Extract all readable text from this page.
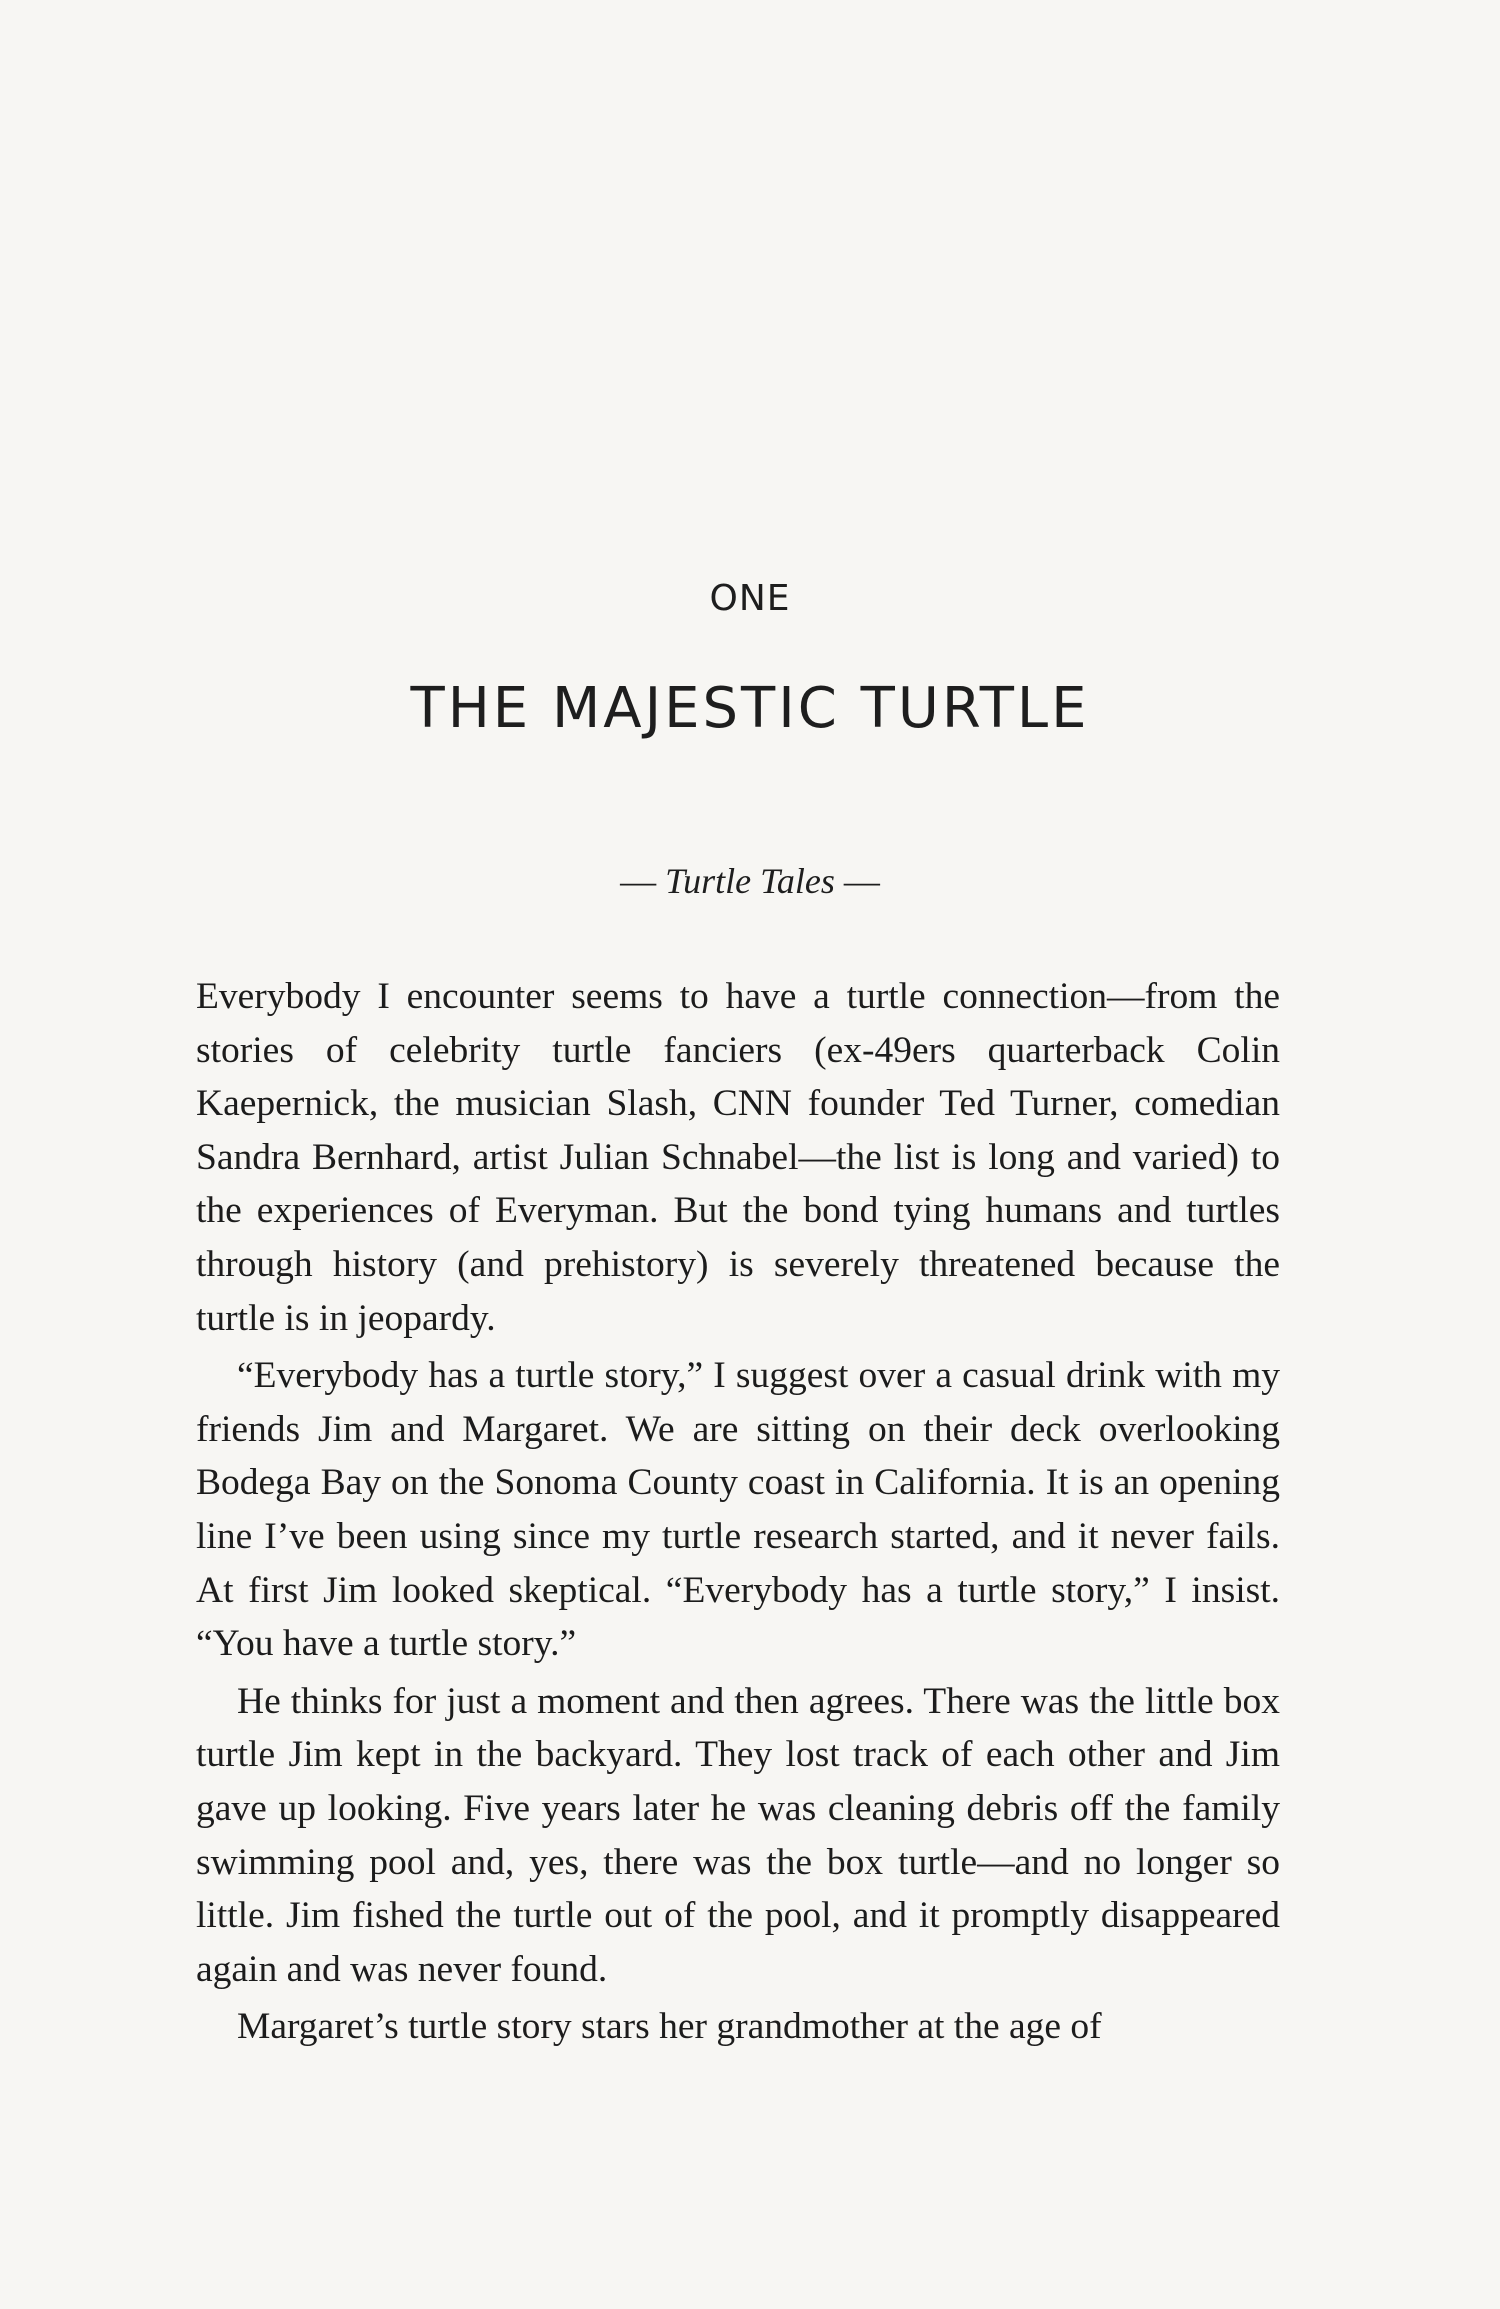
ONE
THE MAJESTIC TURTLE
— Turtle Tales —

Everybody I encounter seems to have a turtle connection—from the stories of celebrity turtle fanciers (ex-49ers quarterback Colin Kaepernick, the musician Slash, CNN founder Ted Turner, comedian Sandra Bernhard, artist Julian Schnabel—the list is long and varied) to the experiences of Everyman. But the bond tying humans and turtles through history (and prehistory) is severely threatened because the turtle is in jeopardy.

“Everybody has a turtle story,” I suggest over a casual drink with my friends Jim and Margaret. We are sitting on their deck overlooking Bodega Bay on the Sonoma County coast in California. It is an opening line I’ve been using since my turtle research started, and it never fails. At first Jim looked skeptical. “Everybody has a turtle story,” I insist. “You have a turtle story.”

He thinks for just a moment and then agrees. There was the little box turtle Jim kept in the backyard. They lost track of each other and Jim gave up looking. Five years later he was cleaning debris off the family swimming pool and, yes, there was the box turtle—and no longer so little. Jim fished the turtle out of the pool, and it promptly disappeared again and was never found.

Margaret’s turtle story stars her grandmother at the age of
